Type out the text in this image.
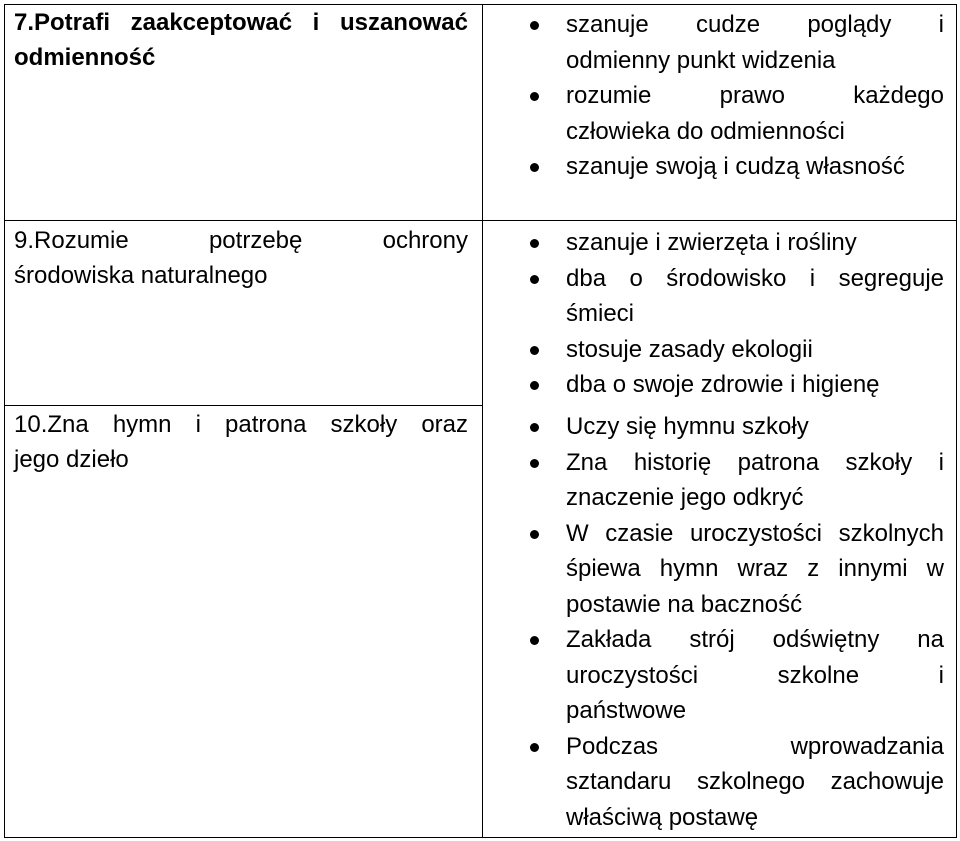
7.Potrafi zaakceptować i uszanować
odmienność
9.Rozumie potrzebę ochrony
środowiska naturalnego
10.Zna hymn i patrona szkoły oraz
jego dzieło
szanuje cudze poglądy i
odmienny punkt widzenia
rozumie prawo każdego
człowieka do odmienności
szanuje swoją i cudzą własność
szanuje i zwierzęta i rośliny
dba o środowisko i segreguje
śmieci
stosuje zasady ekologii
dba o swoje zdrowie i higienę
Uczy się hymnu szkoły
Zna historię patrona szkoły i
znaczenie jego odkryć
W czasie uroczystości szkolnych
śpiewa hymn wraz z innymi w
postawie na baczność
Zakłada strój odświętny na
uroczystości szkolne i
państwowe
Podczas wprowadzania
sztandaru szkolnego zachowuje
właściwą postawę
